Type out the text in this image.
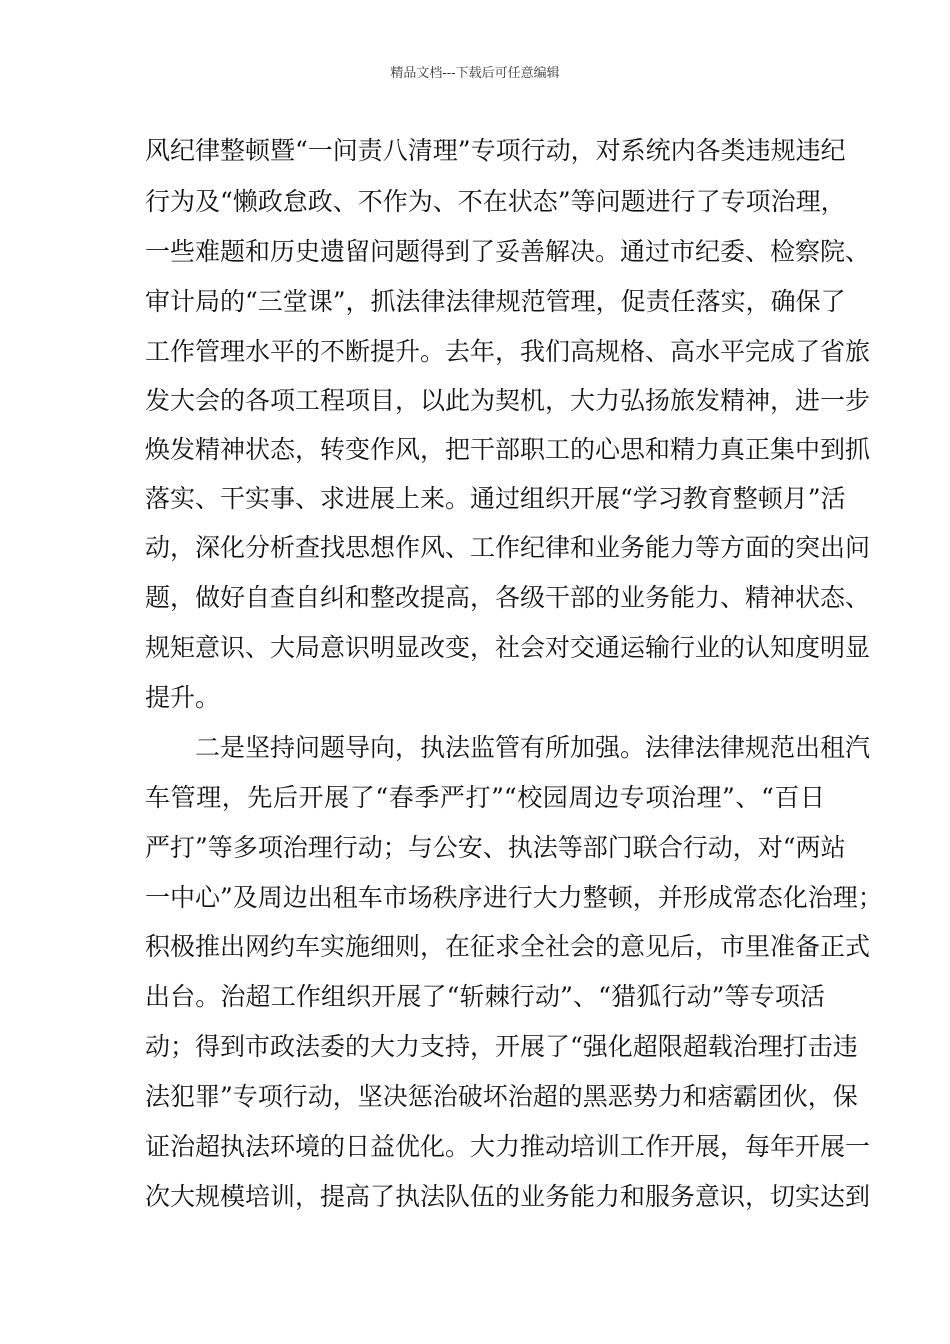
精品文档---下载后可任意编辑
风纪律整顿暨“一问责八清理”专项行动，对系统内各类违规违纪
行为及“懒政怠政、不作为、不在状态”等问题进行了专项治理，
一些难题和历史遗留问题得到了妥善解决。通过市纪委、检察院、
审计局的“三堂课”，抓法律法律规范管理，促责任落实，确保了
工作管理水平的不断提升。去年，我们高规格、高水平完成了省旅
发大会的各项工程项目，以此为契机，大力弘扬旅发精神，进一步
焕发精神状态，转变作风，把干部职工的心思和精力真正集中到抓
落实、干实事、求进展上来。通过组织开展“学习教育整顿月”活
动，深化分析查找思想作风、工作纪律和业务能力等方面的突出问
题，做好自查自纠和整改提高，各级干部的业务能力、精神状态、
规矩意识、大局意识明显改变，社会对交通运输行业的认知度明显
提升。
二是坚持问题导向，执法监管有所加强。法律法律规范出租汽
车管理，先后开展了“春季严打”“校园周边专项治理”、“百日
严打”等多项治理行动；与公安、执法等部门联合行动，对“两站
一中心”及周边出租车市场秩序进行大力整顿，并形成常态化治理；
积极推出网约车实施细则，在征求全社会的意见后，市里准备正式
出台。治超工作组织开展了“斩棘行动”、“猎狐行动”等专项活
动；得到市政法委的大力支持，开展了“强化超限超载治理打击违
法犯罪”专项行动，坚决惩治破坏治超的黑恶势力和痞霸团伙，保
证治超执法环境的日益优化。大力推动培训工作开展，每年开展一
次大规模培训，提高了执法队伍的业务能力和服务意识，切实达到
